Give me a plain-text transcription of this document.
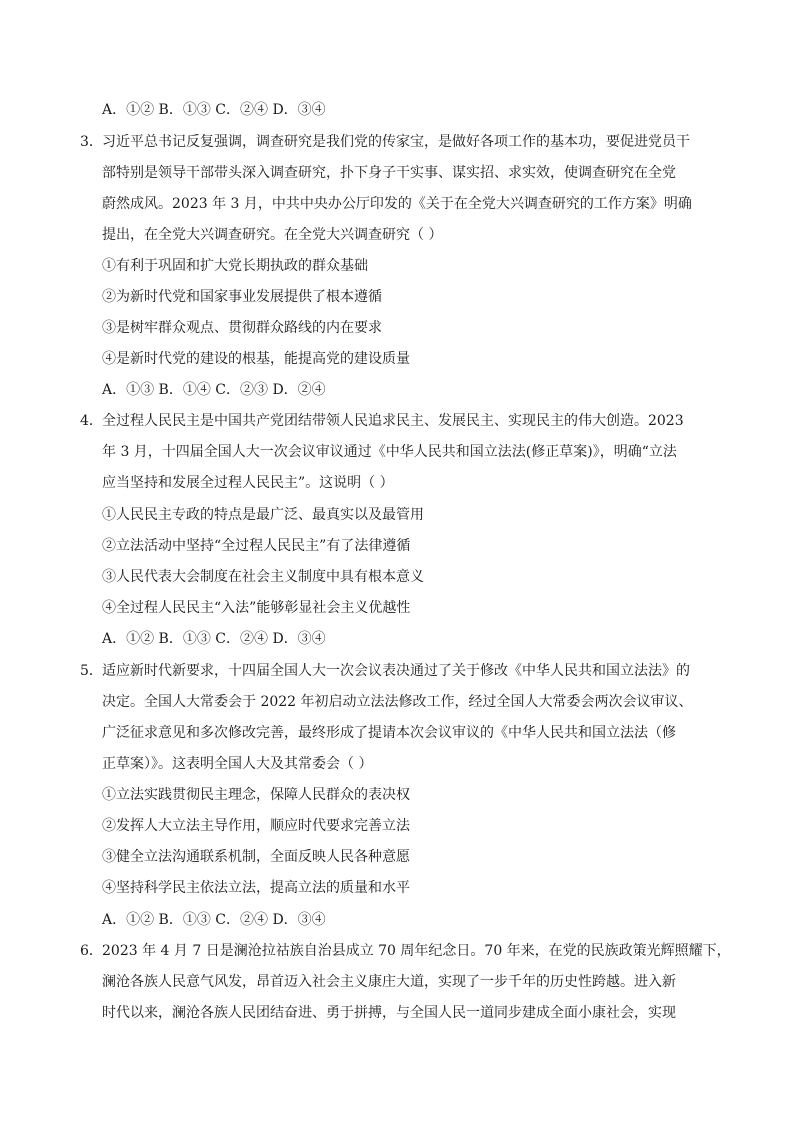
A．①② B．①③ C．②④ D．③④
3． 习近平总书记反复强调，调查研究是我们党的传家宝，是做好各项工作的基本功，要促进党员干
部特别是领导干部带头深入调查研究，扑下身子干实事、谋实招、求实效，使调查研究在全党
蔚然成风。2023 年 3 月，中共中央办公厅印发的《关于在全党大兴调查研究的工作方案》明确
提出，在全党大兴调查研究。在全党大兴调查研究（ ）
①有利于巩固和扩大党长期执政的群众基础
②为新时代党和国家事业发展提供了根本遵循
③是树牢群众观点、贯彻群众路线的内在要求
④是新时代党的建设的根基，能提高党的建设质量
A．①③ B．①④ C．②③ D．②④
4． 全过程人民民主是中国共产党团结带领人民追求民主、发展民主、实现民主的伟大创造。2023
年 3 月，十四届全国人大一次会议审议通过《中华人民共和国立法法(修正草案)》，明确“立法
应当坚持和发展全过程人民民主”。这说明（ ）
①人民民主专政的特点是最广泛、最真实以及最管用
②立法活动中坚持“全过程人民民主”有了法律遵循
③人民代表大会制度在社会主义制度中具有根本意义
④全过程人民民主“入法”能够彰显社会主义优越性
A．①② B．①③ C．②④ D．③④
5． 适应新时代新要求，十四届全国人大一次会议表决通过了关于修改《中华人民共和国立法法》的
决定。全国人大常委会于 2022 年初启动立法法修改工作，经过全国人大常委会两次会议审议、
广泛征求意见和多次修改完善，最终形成了提请本次会议审议的《中华人民共和国立法法（修
正草案）》。这表明全国人大及其常委会（ ）
①立法实践贯彻民主理念，保障人民群众的表决权
②发挥人大立法主导作用，顺应时代要求完善立法
③健全立法沟通联系机制，全面反映人民各种意愿
④坚持科学民主依法立法，提高立法的质量和水平
A．①② B．①③ C．②④ D．③④
6． 2023 年 4 月 7 日是澜沧拉祜族自治县成立 70 周年纪念日。70 年来，在党的民族政策光辉照耀下，
澜沧各族人民意气风发，昂首迈入社会主义康庄大道，实现了一步千年的历史性跨越。进入新
时代以来，澜沧各族人民团结奋进、勇于拼搏，与全国人民一道同步建成全面小康社会，实现
